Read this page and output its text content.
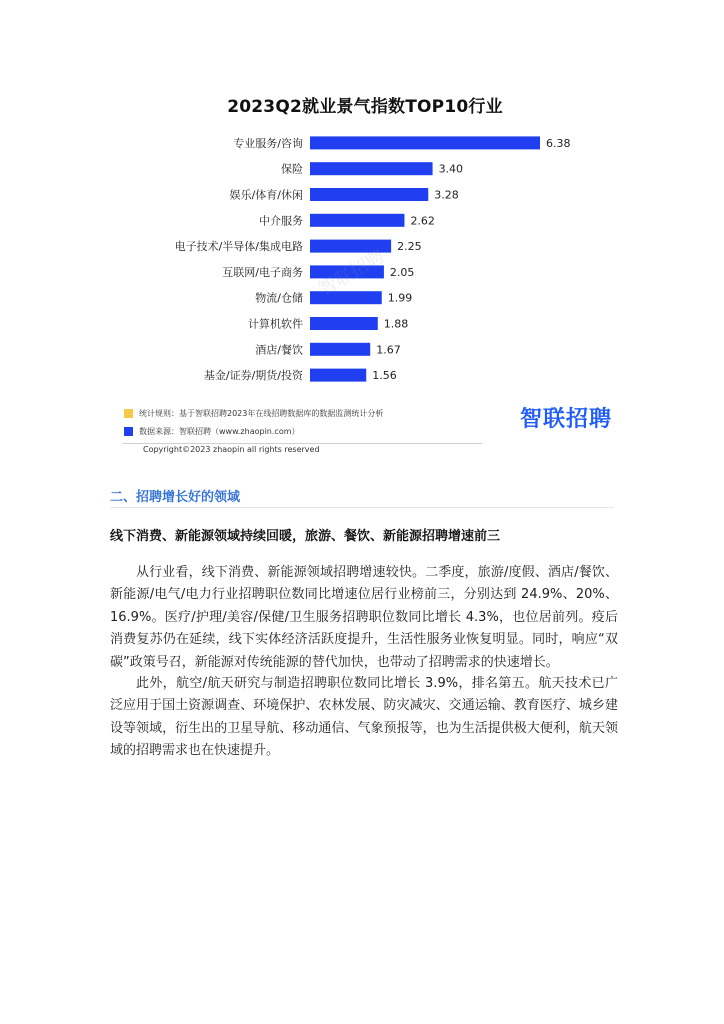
2023Q2就业景气指数TOP10行业
专业服务/咨询	6.38
保险	3.40
娱乐/体育/休闲	3.28
中介服务	2.62
电子技术/半导体/集成电路	2.25
互联网/电子商务	2.05
物流/仓储	1.99
计算机软件	1.88
酒店/餐饮	1.67
基金/证券/期货/投资	1.56
统计规则：基于智联招聘2023年在线招聘数据库的数据监测统计分析
数据来源：智联招聘（www.zhaopin.com）	智联招聘
Copyright©2023 zhaopin all rights reserved
二、招聘增长好的领域
线下消费、新能源领域持续回暖，旅游、餐饮、新能源招聘增速前三

从行业看，线下消费、新能源领域招聘增速较快。二季度，旅游/度假、酒店/餐饮、新能源/电气/电力行业招聘职位数同比增速位居行业榜前三，分别达到 24.9%、20%、16.9%。医疗/护理/美容/保健/卫生服务招聘职位数同比增长 4.3%，也位居前列。疫后消费复苏仍在延续，线下实体经济活跃度提升，生活性服务业恢复明显。同时，响应“双碳”政策号召，新能源对传统能源的替代加快，也带动了招聘需求的快速增长。

此外，航空/航天研究与制造招聘职位数同比增长 3.9%，排名第五。航天技术已广泛应用于国土资源调查、环境保护、农林发展、防灾减灾、交通运输、教育医疗、城乡建设等领域，衍生出的卫星导航、移动通信、气象预报等，也为生活提供极大便利，航天领域的招聘需求也在快速提升。
